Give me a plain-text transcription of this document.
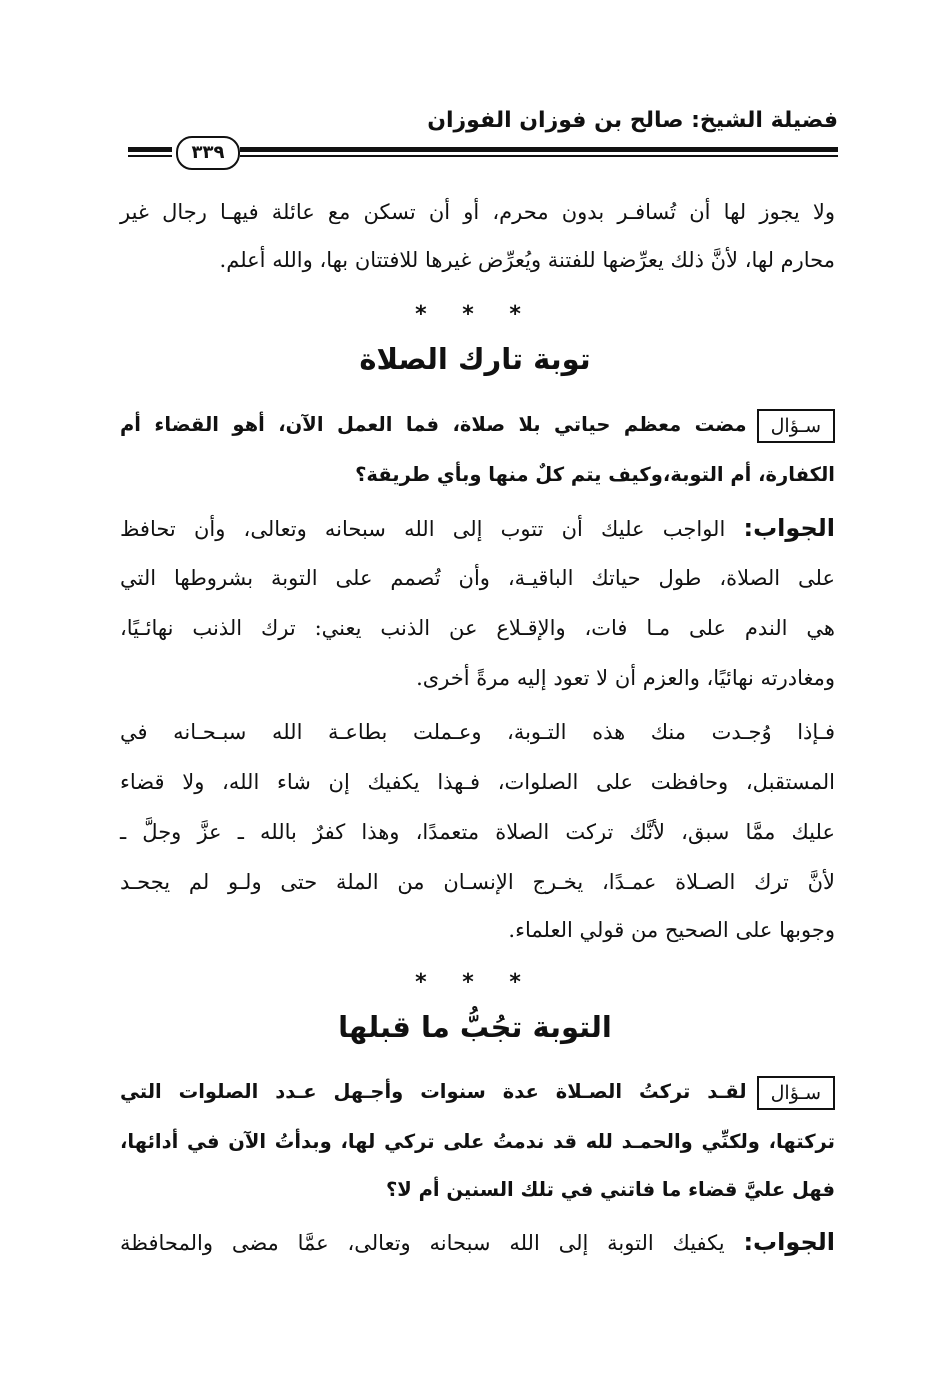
فضيلة الشيخ: صالح بن فوزان الفوزان
٣٣٩
ولا يجوز لها أن تُسافـر بدون محرم، أو أن تسكن مع عائلة فيهـا رجال غير
محارم لها، لأنَّ ذلك يعرِّضها للفتنة ويُعرِّض غيرها للافتتان بها، والله أعلم.
* * *
توبة تارك الصلاة
سـؤالمضت معظم حياتي بلا صلاة، فما العمل الآن، أهو القضاء أم
الكفارة، أم التوبة،وكيف يتم كلٌ منها وبأي طريقة؟
الجواب: الواجب عليك أن تتوب إلى الله سبحانه وتعالى، وأن تحافظ
على الصلاة، طول حياتك الباقيـة، وأن تُصمم على التوبة بشروطها التي
هي الندم على مـا فات، والإقـلاع عن الذنب يعني: ترك الذنب نهائـيًا،
ومغادرته نهائيًا، والعزم أن لا تعود إليه مرةً أخرى.
فـإذا وُجـدت منك هذه التـوبة، وعـملت بطاعـة الله سبـحـانه في
المستقبل، وحافظت على الصلوات، فـهذا يكفيك إن شاء الله، ولا قضاء
عليك ممَّا سبق، لأنَّك تركت الصلاة متعمدًا، وهذا كفرٌ بالله ـ عزَّ وجلَّ ـ
لأنَّ ترك الصـلاة عمـدًا، يخـرج الإنسـان من الملة حتى ولـو لم يجحـد
وجوبها على الصحيح من قولي العلماء.
* * *
التوبة تجُبُّ ما قبلها
سـؤاللقـد تركتُ الصـلاة عدة سنوات وأجـهل عـدد الصلوات التي
تركتها، ولكنِّي والحمـد لله قد ندمتُ على تركي لها، وبدأتُ الآن في أدائها،
فهل عليَّ قضاء ما فاتني في تلك السنين أم لا؟
الجواب: يكفيك التوبة إلى الله سبحانه وتعالى، عمَّا مضى والمحافظة
